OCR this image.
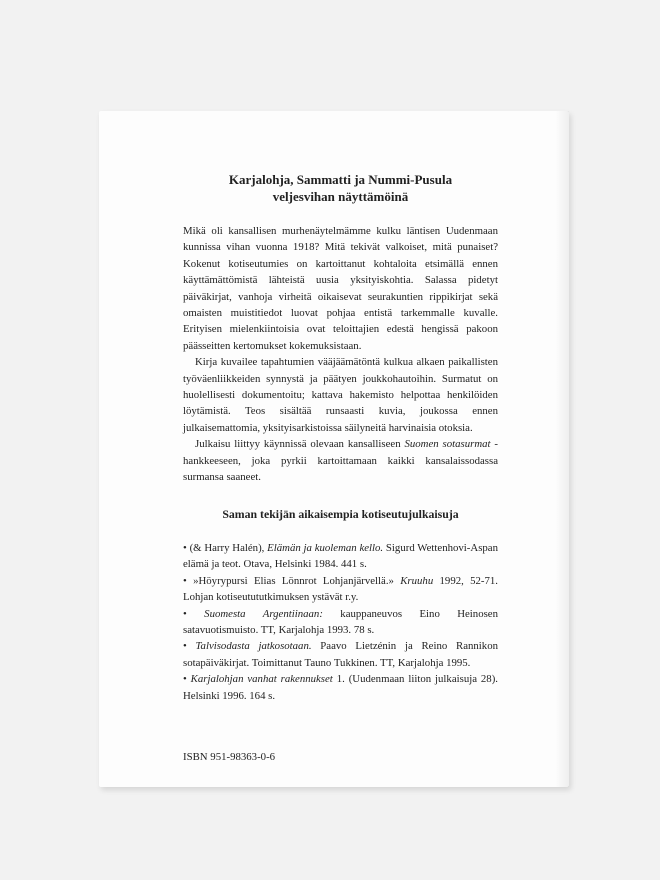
Karjalohja, Sammatti ja Nummi-Pusula
veljesvihan näyttämöinä

Mikä oli kansallisen murhenäytelmämme kulku läntisen Uudenmaan kunnissa vihan vuonna 1918? Mitä tekivät valkoiset, mitä punaiset? Kokenut kotiseutumies on kartoittanut kohtaloita etsimällä ennen käyttämättömistä lähteistä uusia yksityiskohtia. Salassa pidetyt päiväkirjat, vanhoja virheitä oikaisevat seurakuntien rippikirjat sekä omaisten muistitiedot luovat pohjaa entistä tarkemmalle kuvalle. Erityisen mielenkiintoisia ovat teloittajien edestä hengissä pakoon päässeitten kertomukset kokemuksistaan.

Kirja kuvailee tapahtumien vääjäämätöntä kulkua alkaen paikallisten työväenliikkeiden synnystä ja päätyen joukkohautoihin. Surmatut on huolellisesti dokumentoitu; kattava hakemisto helpottaa henkilöiden löytämistä. Teos sisältää runsaasti kuvia, joukossa ennen julkaisemattomia, yksityisarkistoissa säilyneitä harvinaisia otoksia.

Julkaisu liittyy käynnissä olevaan kansalliseen Suomen sotasurmat -hankkeeseen, joka pyrkii kartoittamaan kaikki kansalaissodassa surmansa saaneet.

Saman tekijän aikaisempia kotiseutujulkaisuja
• (& Harry Halén), Elämän ja kuoleman kello. Sigurd Wettenhovi-Aspan elämä ja teot. Otava, Helsinki 1984. 441 s.
• »Höyrypursi Elias Lönnrot Lohjanjärvellä.» Kruuhu 1992, 52-71. Lohjan kotiseutututkimuksen ystävät r.y.
• Suomesta Argentiinaan: kauppaneuvos Eino Heinosen satavuotismuisto. TT, Karjalohja 1993. 78 s.
• Talvisodasta jatkosotaan. Paavo Lietzénin ja Reino Rannikon sotapäiväkirjat. Toimittanut Tauno Tukkinen. TT, Karjalohja 1995.
• Karjalohjan vanhat rakennukset 1. (Uudenmaan liiton julkaisuja 28). Helsinki 1996. 164 s.
ISBN 951-98363-0-6
